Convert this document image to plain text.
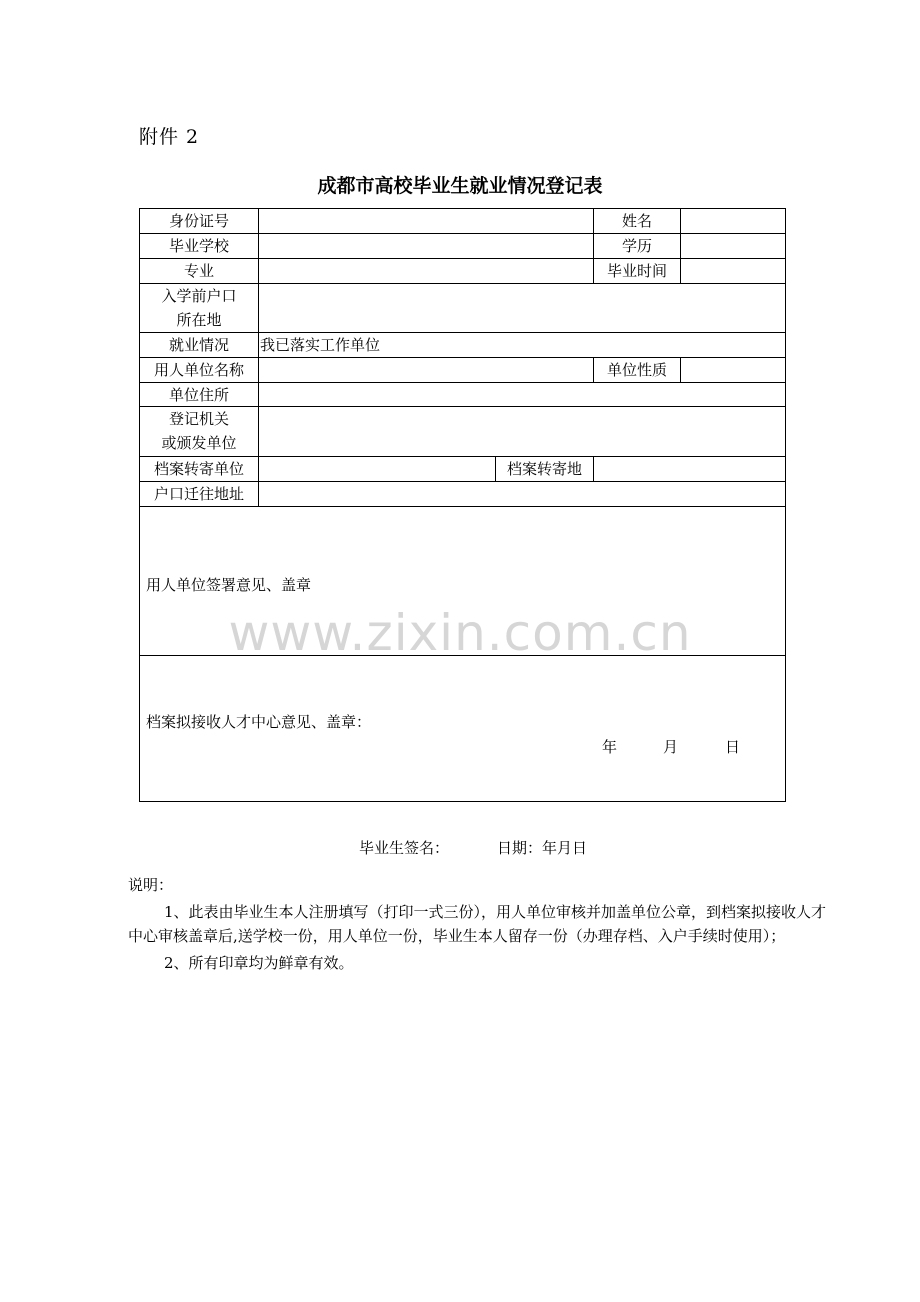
附件 2
成都市高校毕业生就业情况登记表
身份证号	姓名
毕业学校	学历
专业	毕业时间
入学前户口
所在地
就业情况	我已落实工作单位
用人单位名称	单位性质
单位住所
登记机关
或颁发单位
档案转寄单位	档案转寄地
户口迁往地址
用人单位签署意见、盖章
档案拟接收人才中心意见、盖章：
年	月	日
www.zixin.com.cn
毕业生签名：	日期：年月日

说明：

1、此表由毕业生本人注册填写（打印一式三份），用人单位审核并加盖单位公章，到档案拟接收人才中心审核盖章后,送学校一份，用人单位一份，毕业生本人留存一份（办理存档、入户手续时使用）；

2、所有印章均为鲜章有效。
